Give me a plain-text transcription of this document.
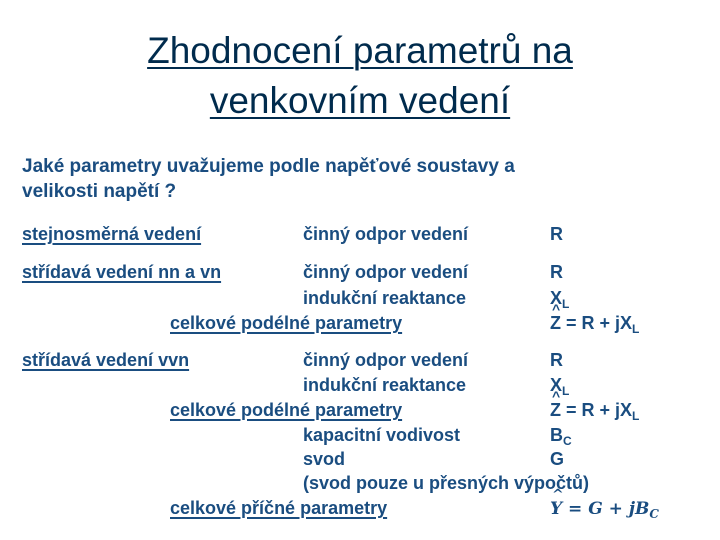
Zhodnocení parametrů na
venkovním vedení
Jaké parametry uvažujeme podle napěťové soustavy a
velikosti napětí ?
stejnosměrná vedení	činný odpor vedení	R
střídavá vedení nn a vn	činný odpor vedení	R
indukční reaktance	$X_L$
celkové podélné parametry	^ $Z = R + jX_L$
střídavá vedení vvn	činný odpor vedení	R
indukční reaktance	$X_L$
celkové podélné parametry	^ $Z = R + jX_L$
kapacitní vodivost	$B_C$
svod	G
(svod pouze u přesných výpočtů)
celkové příčné parametry	^ $Y = G + jB_C$
